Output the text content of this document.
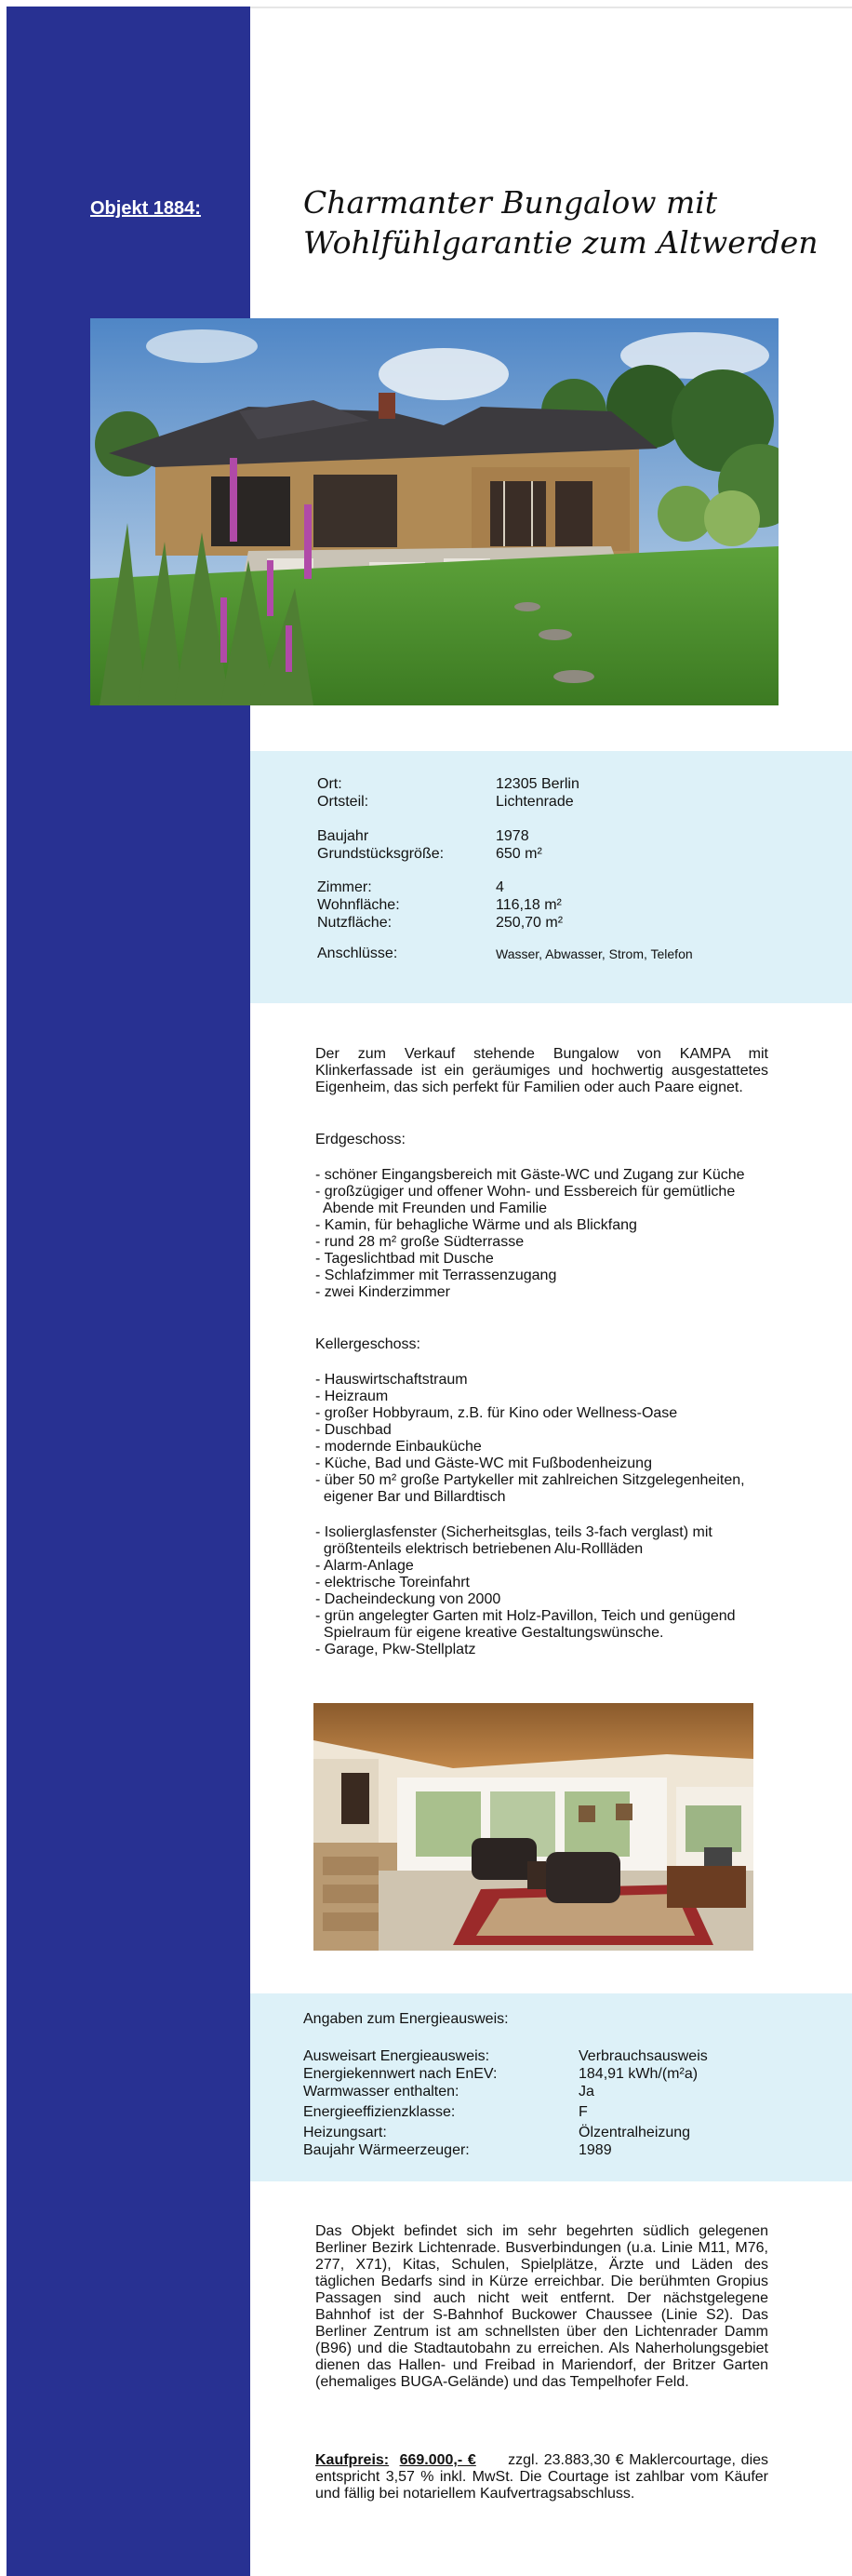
Objekt 1884:	Charmanter Bungalow mit
Wohlfühlgarantie zum Altwerden
Ort:	12305 Berlin
Ortsteil:	Lichtenrade
Baujahr	1978
Grundstücksgröße:	650 m²
Zimmer:	4
Wohnfläche:	116,18 m²
Nutzfläche:	250,70 m²
Anschlüsse:	Wasser, Abwasser, Strom, Telefon
Der zum Verkauf stehende Bungalow von KAMPA mit Klinkerfassade ist ein geräumiges und hochwertig ausgestattetes Eigenheim, das sich perfekt für Familien oder auch Paare eignet.
Erdgeschoss:
- schöner Eingangsbereich mit Gäste-WC und Zugang zur Küche
- großzügiger und offener Wohn- und Essbereich für gemütliche
Abende mit Freunden und Familie
- Kamin, für behagliche Wärme und als Blickfang
- rund 28 m² große Südterrasse
- Tageslichtbad mit Dusche
- Schlafzimmer mit Terrassenzugang
- zwei Kinderzimmer
Kellergeschoss:
- Hauswirtschaftstraum
- Heizraum
- großer Hobbyraum, z.B. für Kino oder Wellness-Oase
- Duschbad
- modernde Einbauküche
- Küche, Bad und Gäste-WC mit Fußbodenheizung
- über 50 m² große Partykeller mit zahlreichen Sitzgelegenheiten,
eigener Bar und Billardtisch
- Isolierglasfenster (Sicherheitsglas, teils 3-fach verglast) mit
größtenteils elektrisch betriebenen Alu-Rollläden
- Alarm-Anlage
- elektrische Toreinfahrt
- Dacheindeckung von 2000
- grün angelegter Garten mit Holz-Pavillon, Teich und genügend
Spielraum für eigene kreative Gestaltungswünsche.
- Garage, Pkw-Stellplatz
Angaben zum Energieausweis:
Ausweisart Energieausweis:	Verbrauchsausweis
Energiekennwert nach EnEV:	184,91 kWh/(m²a)
Warmwasser enthalten:	Ja
Energieeffizienzklasse:	F
Heizungsart:	Ölzentralheizung
Baujahr Wärmeerzeuger:	1989
Das Objekt befindet sich im sehr begehrten südlich gelegenen Berliner Bezirk Lichtenrade. Busverbindungen (u.a. Linie M11, M76, 277, X71), Kitas, Schulen, Spielplätze, Ärzte und Läden des täglichen Bedarfs sind in Kürze erreichbar. Die berühmten Gropius Passagen sind auch nicht weit entfernt. Der nächstgelegene Bahnhof ist der S-Bahnhof Buckower Chaussee (Linie S2). Das Berliner Zentrum ist am schnellsten über den Lichtenrader Damm (B96) und die Stadtautobahn zu erreichen. Als Naherholungsgebiet dienen das Hallen- und Freibad in Mariendorf, der Britzer Garten (ehemaliges BUGA-Gelände) und das Tempelhofer Feld.
Kaufpreis: 669.000,- € zzgl. 23.883,30 € Maklercourtage, dies entspricht 3,57 % inkl. MwSt. Die Courtage ist zahlbar vom Käufer und fällig bei notariellem Kaufvertragsabschluss.
